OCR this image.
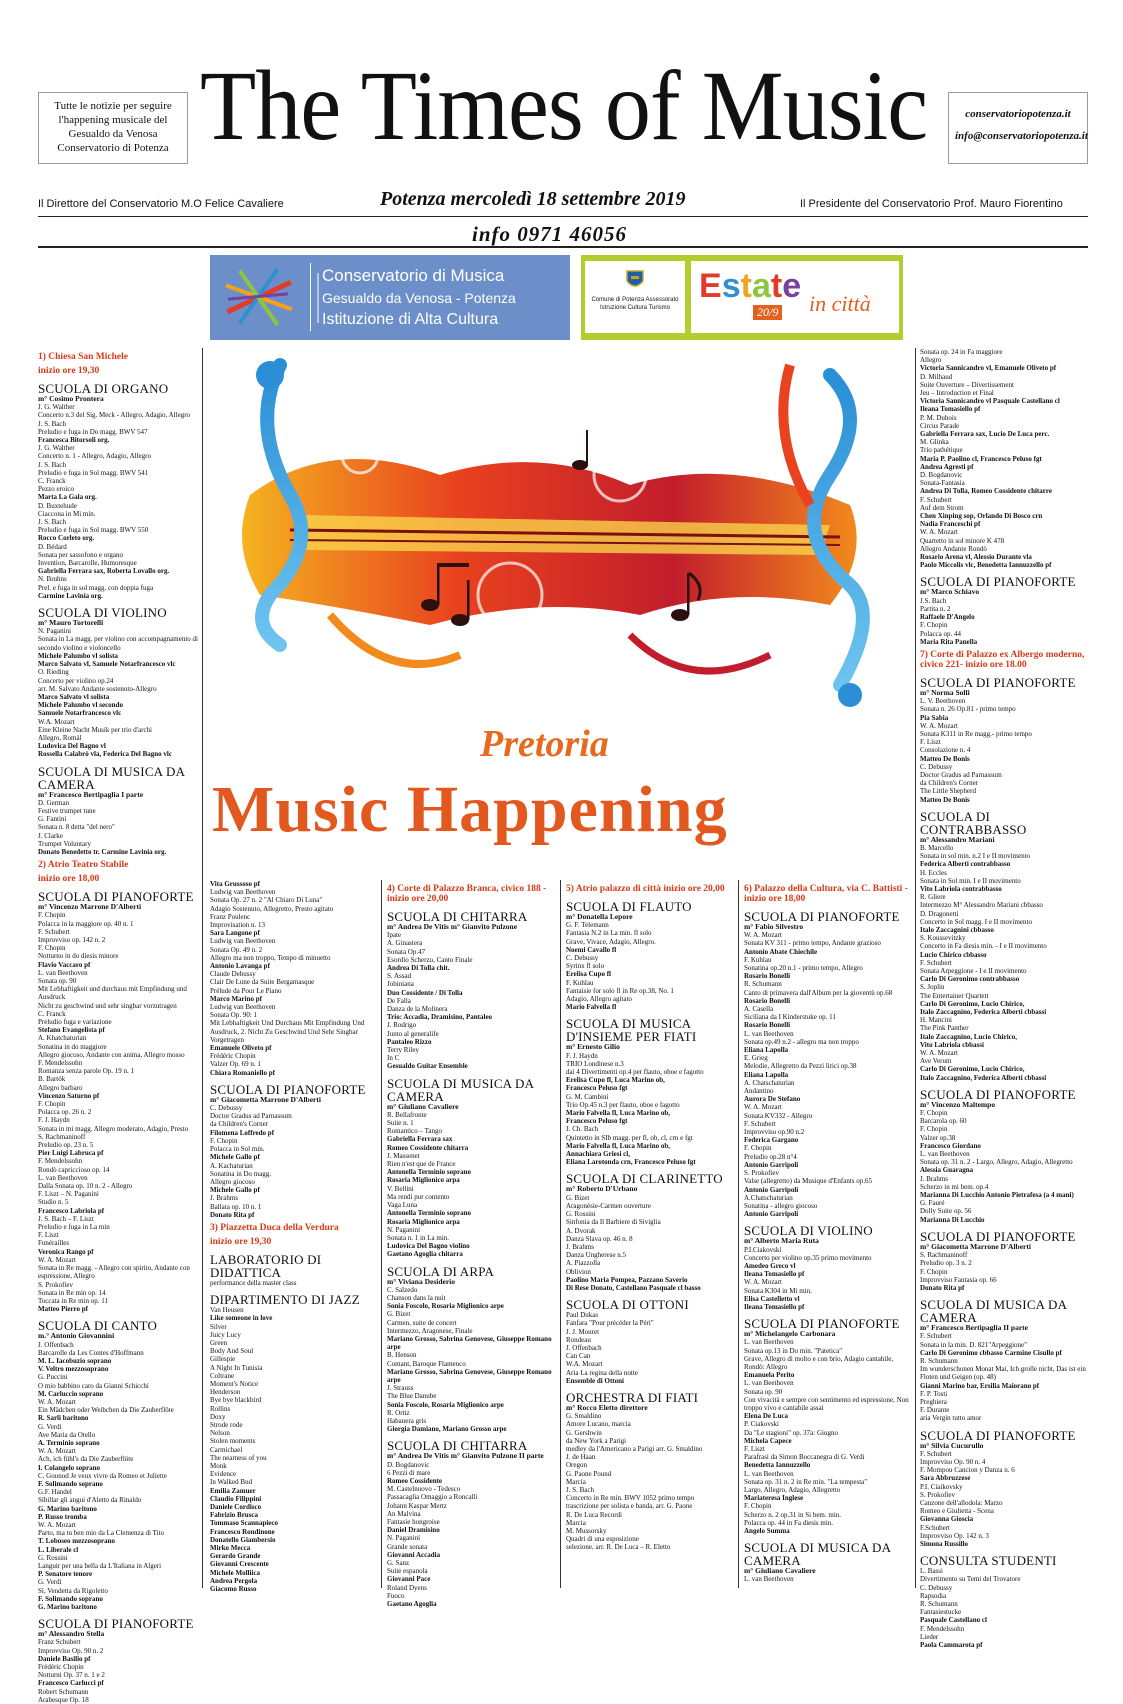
Tutte le notizie per seguire l'happening musicale del Gesualdo da Venosa Conservatorio di Potenza The Times of Music	conservatoriopotenza.it
info@conservatoriopotenza.it
Il Direttore del Conservatorio M.O Felice Cavaliere	Potenza mercoledì 18 settembre 2019	Il Presidente del Conservatorio Prof. Mauro Fiorentino
info 0971 46056
Conservatorio di Musica
Gesualdo da Venosa - Potenza
Istituzione di Alta Cultura
Comune di Potenza Assessorato Istruzione Cultura Turismo
Estate in città
20/9
Pretoria
Music Happening

1) Chiesa San Michele

inizio ore 19,30

SCUOLA DI ORGANO

m° Cosimo Prontera

J. G. Walther

Concerto n.3 del Sig. Meck - Allegro, Adagio, Allegro

J. S. Bach

Preludio e fuga in Do magg. BWV 547

Francesca Bitorsoli org.

J. G. Walther

Concerto n. 1 - Allegro, Adagio, Allegro

J. S. Bach

Preludio e fuga in Sol magg. BWV 541

C. Franck

Pezzo eroico

Marta La Gala org.

D. Buxtehude

Ciaccona in Mi min.

J. S. Bach

Preludio e fuga in Sol magg. BWV 550

Rocco Corleto org.

D. Bédard

Sonata per sassofono e organo

Invention, Barcarolle, Humoresque

Gabriella Ferrara sax, Roberta Lovallo org.

N. Bruhns

Prel. e fuga in sol magg. con doppia fuga

Carmine Lavinia org.

SCUOLA DI VIOLINO

m° Mauro Tortorelli

N. Paganini

Sonata in La magg. per violino con accompagnamento di secondo violino e violoncello

Michele Palumbo vl solista

Marco Salvato vl, Samuele Notarfrancesco vlc

O. Rieding

Concerto per violino op.24

arr. M. Salvato Andante sostenuto-Allegro

Marco Salvato vl solista

Michele Palumbo vl secondo

Samuele Notarfrancesco vlc

W.A. Mozart

Eine Kleine Nacht Musik per trio d'archi

Allegro, Romàl

Ludovica Del Bagno vl

Rossella Calabrò vla, Federica Del Bagno vlc

SCUOLA DI MUSICA DA CAMERA

m° Francesco Bertipaglia I parte

D. German

Festive trumpet tune

G. Fantini

Sonata n. 8 detta "del nero"

J. Clarke

Trumpet Voluntary

Donato Benedetto tr. Carmine Lavinia org.

2) Atrio Teatro Stabile

inizio ore 18,00

SCUOLA DI PIANOFORTE

m° Vincenzo Marrone D'Alberti

F. Chopin

Polacca in la maggiore op. 40 n. 1

F. Schubert

Improvviso op. 142 n. 2

F. Chopin

Notturno in do diesis minore

Flavio Vaccaro pf

L. van Beethoven

Sonata op. 90

Mit Lebhaftigkeit und durchaus mit Empfindung und Ausdruck

Nicht zu geschwind und sehr singbar vorzutragen

C. Franck

Preludio fuga e variazione

Stefano Evangelista pf

A. Khatchaturian

Sonatina in do maggiore

Allegro giocoso, Andante con anima, Allegro mosso

F. Mendelssohn

Romanza senza parole Op. 19 n. 1

B. Bartók

Allegro barbaro

Vincenzo Saturno pf

F. Chopin

Polacca op. 26 n. 2

F. J. Haydn

Sonata in mi magg. Allegro moderato, Adagio, Presto

S. Rachmaninoff

Preludio op. 23 n. 5

Pier Luigi Labruca pf

F. Mendelssohn

Rondò capriccioso op. 14

L. van Beethoven

Dalla Sonata op. 10 n. 2 - Allegro

F. Liszt – N. Paganini

Studio n. 5

Francesco Labriola pf

J. S. Bach – F. Liszt

Preludio e fuga in La min

F. Liszt

Funérailles

Veronica Rango pf

W. A. Mozart

Sonata in Re magg. - Allegro con spirito, Andante con espressione, Allegro

S. Prokofiev

Sonata in Re min op. 14

Toccata in Re min op. 11

Matteo Pierro pf

SCUOLA DI CANTO

m.° Antonio Giovannini

J. Offenbach

Barcarolle da Les Contes d'Hoffmann

M. L. Iacobuzio soprano

V. Veltro mezzosoprano

G. Puccini

O mio babbino caro da Gianni Schicchi

M. Carluccio soprano

W. A. Mozart

Ein Mädchen oder Weibchen da Die Zauberflöte

R. Sarli baritono

G. Verdi

Ave Maria da Otello

A. Terminio soprano

W. A. Mozart

Ach, ich fühl's da Die Zauberflöte

I. Colangelo soprano

C. Gounod Je veux vivre da Romeo et Juliette

F. Solimando soprano

G.F. Handel

Sibillar gli angui d'Aletto da Rinaldo

G. Marino baritono

P. Russo tromba

W. A. Mozart

Parto, ma tu ben mio da La Clemenza di Tito

T. Loboseo mezzosoprano

L. Liberale cl

G. Rossini

Languir per una bella da L'Italiana in Algeri

P. Senatore tenore

G. Verdi

Sì, Vendetta da Rigoletto

F. Solimando soprano

G. Marino baritono

SCUOLA DI PIANOFORTE

m° Alessandro Stella

Franz Schubert

Improvviso Op. 90 n. 2

Daniele Basilio pf

Frédéric Chopin

Notturni Op. 37 n. 1 e 2

Francesco Carlucci pf

Robert Schumann

Arabesque Op. 18

Vita Grussoso pf

Ludwig van Beethoven

Sonata Op. 27 n. 2 "Al Chiaro Di Luna"

Adagio Sostenuto, Allegretto, Presto agitato

Franz Poulenc

Improvisation n. 13

Sara Langone pf

Ludwig van Beethoven

Sonata Op. 49 n. 2

Allegro ma non troppo, Tempo di minuetto

Antonio Lavanga pf

Claude Debussy

Clair De Lune da Suite Bergamasque

Prélude da Pour Le Piano

Marco Marino pf

Ludwig van Beethoven

Sonata Op. 90: 1

Mit Lebhaftigkeit Und Durchaus Mit Empfindung Und Ausdruck, 2. Nicht Zu Geschwind Und Sehr Singbar Vorgetragen

Emanuele Oliveto pf

Frédéric Chopin

Valzer Op. 69 n. 1

Chiara Romaniello pf

SCUOLA DI PIANOFORTE

m° Giacometta Marrone D'Alberti

C. Debussy

Doctor Gradus ad Parnassum

da Children's Corner

Filomena Loffredo pf

F. Chopin

Polacca in Sol min.

Michele Gallo pf

A. Kachaturian

Sonatina in Do magg.

Allegro giocoso

Michele Gallo pf

J. Brahms

Ballata op. 10 n. 1

Donato Rita pf

3) Piazzetta Duca della Verdura

inizio ore 19,30

LABORATORIO DI DIDATTICA

performance della master class

DIPARTIMENTO DI JAZZ

Van Heusen

Like someone in love

Silver

Juicy Lucy

Green

Body And Soul

Gillespie

A Night In Tunisia

Coltrane

Moment's Notice

Henderson

Bye bye blackbird

Rollins

Doxy

Strode rode

Nelson

Stolen moments

Carmichael

The nearness of you

Monk

Evidence

In Walked Bud

Emilia Zamuer

Claudio Filippini

Daniele Cordisco

Fabrizio Brusca

Tommaso Scannapieco

Francesco Rondinone

Donatello Giambersio

Mirko Mecca

Gerardo Grande

Giovanni Crescente

Michele Molliica

Andrea Pergola

Giacomo Russo

4) Corte di Palazzo Branca, civico 188 - inizio ore 20,00

SCUOLA DI CHITARRA

m° Andrea De Vitis m° Gianvito Pulzone

Ipate

A. Ginastera

Sonata Op.47

Esordio Scherzo, Canto Finale

Andrea Di Tolla chit.

S. Assad

Jobiniana

Duo Cossidente / Di Tolla

De Falla

Danza de la Molinera

Trio: Accadia, Dramisino, Pantaleo

J. Rodrigo

Junto al generalife

Pantaleo Rizzo

Terry Riley

In C

Gesualdo Guitar Ensemble

SCUOLA DI MUSICA DA CAMERA

m° Giuliano Cavaliere

R. Bellafronte

Suite n. 1

Romantico – Tango

Gabriella Ferrara sax

Romeo Cossidente chitarra

J. Massenet

Rien n'est que de France

Antonella Terminio soprano

Rosaria Miglionico arpa

V. Bellini

Ma rendi pur contento

Vaga Luna

Antonella Terminio soprano

Rosaria Miglionico arpa

N. Paganini

Sonata n. 1 in La min.

Ludovica Del Bagno violino

Gaetano Agoglia chitarra

SCUOLA DI ARPA

m° Viviana Desiderio

C. Salzedo

Chanson dans la nuit

Sonia Foscolo, Rosaria Miglionico arpe

G. Bizet

Carmen, suite de concert

Intermezzo, Aragonese, Finale

Mariano Grosso, Sabrina Genovese, Giuseppe Romano arpe

B. Henson

Comant, Baroque Flamenco

Mariano Grosso, Sabrina Genovese, Giuseppe Romano arpe

J. Strauss

The Blue Danube

Sonia Foscolo, Rosaria Miglionico arpe

R. Ortiz

Habanera gris

Giorgia Damiano, Mariano Grosso arpe

SCUOLA DI CHITARRA

m° Andrea De Vitis m° Gianvito Pulzone II parte

D. Bogdanovic

6 Pezzi di mare

Romeo Cossidente

M. Castelnuovo - Tedesco

Passacaglia Omaggio a Roncalli

Johann Kaspar Mertz

An Malvina

Fantasie hongroise

Daniel Dramisino

N. Paganini

Grande sonata

Giovanni Accadia

G. Sanz

Suite espanola

Giovanni Pace

Roland Dyens

Fuoco

Gaetano Agoglia

5) Atrio palazzo di città inizio ore 20,00

SCUOLA DI FLAUTO

m° Donatella Lepore

G. F. Telemann

Fantasia N.2 in La min. fl solo

Grave, Vivace, Adagio, Allegro.

Noemi Cavallo fl

C. Debussy

Syrinx fl solo

Erelisa Cupo fl

F. Kuhlau

Fantaisie for solo fl in Re op.38, No. 1

Adagio, Allegro agitato

Mario Falvella fl

SCUOLA DI MUSICA D'INSIEME PER FIATI

m° Ernesto Gilio

F. J. Haydn

TRIO Londinese n.3

dai 4 Divertimenti op.4 per flauto, oboe e fagotto

Erelisa Cupo fl, Luca Marino ob,

Francesco Peluso fgt

G. M. Cambini

Trio Op.45 n.3 per flauto, oboe e fagotto

Mario Falvella fl, Luca Marino ob,

Francesco Peluso fgt

J. Ch. Bach

Quintetto in SIb magg. per fl, ob, cl, crn e fgt

Mario Falvella fl, Luca Marino ob,

Annachiara Griesi cl,

Eliana Larotonda crn, Francesco Peluso fgt

SCUOLA DI CLARINETTO

m° Roberto D'Urbano

G. Bizet

Aragonèsie-Carmen ouverture

G. Rossini

Sinfonia da Il Barbiere di Siviglia

A. Dvorak

Danza Slava op. 46 n. 8

J. Brahms

Danza Ungherese n.5

A. Piazzolla

Oblivion

Paolino Maria Pompea, Pazzano Saverio

Di Rese Donato, Castellano Pasquale cl basso

SCUOLA DI OTTONI

Paul Dukas

Fanfara "Pour précéder la Péri"

J. J. Mouret

Rondeau

J. Offenbach

Can Can

W.A. Mozart

Aria La regina della notte

Ensemble di Ottoni

ORCHESTRA DI FIATI

m° Rocco Eletto direttore

G. Smaldino

Amore Lucano, marcia

G. Gershwin

da New York a Parigi

medley da l'Americano a Parigi arr. G. Smaldino

J. de Haan

Oregon

G. Paone Pound

Marcia

J. S. Bach

Concerto in Re min. BWV 1052 primo tempo

trascrizione per solista e banda, arr. G. Paone

R. De Luca Recordi

Marcia

M. Mussorsky

Quadri di una esposizione

selezione, arr. R. De Luca – R. Eletto

6) Palazzo della Cultura, via C. Battisti - inizio ore 18,00

SCUOLA DI PIANOFORTE

m° Fabio Silvestro

W. A. Mozart

Sonata KV 311 - primo tempo, Andante grazioso

Antonio Abate Chiechile

F. Kuhlau

Sonatina op.20 n.1 - primo tempo, Allegro

Rosario Bonelli

R. Schumann

Canto di primavera dall'Album per la gioventù op.68

Rosario Bonelli

A. Casella

Siciliana da I Kinderstuke op. 11

Rosario Bonelli

L. van Beethoven

Sonata op.49 n.2 - allegro ma non troppo

Eliana Lapolla

E. Grieg

Melodie, Allegretto da Pezzi lirici op.38

Eliana Lapolla

A. Chatschaturian

Andantino

Aurora De Stefano

W. A. Mozart

Sonata KV332 - Allegro

F. Schubert

Improvviso op.90 n.2

Federica Gargano

F. Chopin

Preludio op.28 n°4

Antonio Garripoli

S. Prokofiev

Valse (allegretto) da Musique d'Enfants op.65

Antonio Garripoli

A.Chatschaturian

Sonatina - allegro giocoso

Antonio Garripoli

SCUOLA DI VIOLINO

m° Alberto Maria Ruta

P.I.Ciakovski

Concerto per violino op.35 primo movimento

Amedeo Greco vl

Ileana Tomasiello pf

W. A. Mozart

Sonata K304 in Mi min.

Elisa Castelletto vl

Ileana Tomasiello pf

SCUOLA DI PIANOFORTE

m° Michelangelo Carbonara

L. van Beethoven

Sonata op.13 in Do min. "Patetica"

Grave, Allegro di molto e con brio, Adagio cantabile, Rondò: Allegro

Emanuela Perito

L. van Beethoven

Sonata op. 90

Con vivacità e sempre con sentimento ed espressione, Non troppo vivo e cantabile assai

Elena De Luca

P. Ciakovski

Da "Le stagioni" op. 37a: Giugno

Michela Capece

F. Liszt

Parafrasi da Simon Boccanegra di G. Verdi

Benedetta Iannuzzello

L. van Beethoven

Sonata op. 31 n. 2 in Re min. "La tempesta"

Largo, Allegro, Adagio, Allegretto

Mariateresa Inglese

F. Chopin

Scherzo n. 2 op.31 in Si bem. min.

Polacca op. 44 in Fa diesis min.

Angelo Summa

SCUOLA DI MUSICA DA CAMERA

m° Giuliano Cavaliere

L. van Beethoven

Sonata op. 24 in Fa maggiore

Allegro

Victoria Sannicandro vl, Emanuele Oliveto pf

D. Milhaud

Suite Ouverture – Divertissement

Jeu – Introduction et Final

Victoria Sannicandro vl Pasquale Castellano cl

Ileana Tomasiello pf

P. M. Dubois

Circus Parade

Gabriella Ferrara sax, Lucio De Luca perc.

M. Glinka

Trio pathétique

Maria P. Paolino cl, Francesco Peluso fgt

Andrea Agresti pf

D. Bogdanovic

Sonata-Fantasia

Andrea Di Tolla, Romeo Cossidente chitarre

F. Schubert

Auf dem Strom

Chen Xinping sop, Orlando Di Bosco crn

Nadia Franceschi pf

W. A. Mozart

Quartetto in sol minore K 478

Allegro Andante Rondò

Rosario Arena vl, Alessio Durante vla

Paolo Miccolis vlc, Benedetta Iannuzzello pf

SCUOLA DI PIANOFORTE

m° Marco Schiavo

J.S. Bach

Partita n. 2

Raffaele D'Angelo

F. Chopin

Polacca op. 44

Maria Rita Panella

7) Corte di Palazzo ex Albergo moderno, civico 221- inizio ore 18.00

SCUOLA DI PIANOFORTE

m° Norma Solli

L. V. Beethoven

Sonata n. 26 Op.81 - primo tempo

Pia Sabia

W. A. Mozart

Sonata K311 in Re magg.- primo tempo

F. Liszt

Consolazione n. 4

Matteo De Bonis

C. Debussy

Doctor Gradus ad Parnassum

da Children's Corner

The Little Shepherd

Matteo De Bonis

SCUOLA DI CONTRABBASSO

m° Alessandro Mariani

B. Marcello

Sonata in sol min. n.2 I e II movimento

Federica Alberti contrabbasso

H. Eccles

Sonata in Sol min. I e II movimento

Vito Labriola contrabbasso

R. Gliere

Intermezzo M° Alessandro Mariani cbbasso

D. Dragonetti

Concerto in Sol magg. I e II movimento

Italo Zaccagnini cbbasso

S. Koussevitzky

Concerto in Fa diesis min. - I e II movimento

Lucio Chirico cbbasso

F. Schubert

Sonata Arpeggione - I e II movimento

Carlo Di Geronimo contrabbasso

S. Joplin

The Entertainer Quartett

Carlo Di Geronimo, Lucio Chirico,

Italo Zaccagnino, Federica Alberti cbbassi

H. Mancini

The Pink Panther

Italo Zaccagnino, Lucio Chirico,

Vito Labriola cbbassi

W. A. Mozart

Ave Verum

Carlo Di Geronimo, Lucio Chirico,

Italo Zaccagnino, Federica Alberti cbbassi

SCUOLA DI PIANOFORTE

m° Vincenzo Maltempo

F. Chopin

Barcarola op. 60

F. Chopin

Valzer op.38

Francesco Giordano

L. van Beethoven

Sonata op. 31 n. 2 - Largo, Allegro, Adagio, Allegretto

Alessia Guaragna

J. Brahms

Scherzo in mi bem. op.4

Marianna Di Lucchio Antonio Pietrafesa (a 4 mani)

G. Fauré

Dolly Suite op. 56

Marianna Di Lucchio

SCUOLA DI PIANOFORTE

m° Giacometta Marrone D'Alberti

S. Rachmaninoff

Preludio op. 3 n. 2

F. Chopin

Improvviso Fantasia op. 66

Donato Rita pf

SCUOLA DI MUSICA DA CAMERA

m° Francesco Bertipaglia II parte

F. Schubert

Sonata in la min. D. 821"Arpeggione"

Carlo Di Geronimo cbbasso Carmine Cisullo pf

R. Schumann

Im wunderschonen Monat Mai, Ich grolle nicht, Das ist ein Floten und Geigen (op. 48)

Gianni Marino bar, Ersilia Maiorano pf

F. P. Tosti

Preghiera

F. Durante

aria Vergin tutto amor

SCUOLA DI PIANOFORTE

m° Silvia Cucurullo

F. Schubert

Improvviso Op. 90 n. 4

F. Mompou Cancion y Danza n. 6

Sara Abbruzzese

P.I. Ciaikovsky

S. Prokofiev

Canzone dell'allodola: Marzo

Romeo e Giulietta - Scena

Giovanna Gioscia

F.Schubert

Improvviso Op. 142 n. 3

Simona Russillo

CONSULTA STUDENTI

L. Bassi

Divertimento su Temi del Trovatore

C. Debussy

Rapsodia

R. Schumann

Fantasiestucke

Pasquale Castellano cl

F. Mendelssohn

Lieder

Paola Cammarota pf
